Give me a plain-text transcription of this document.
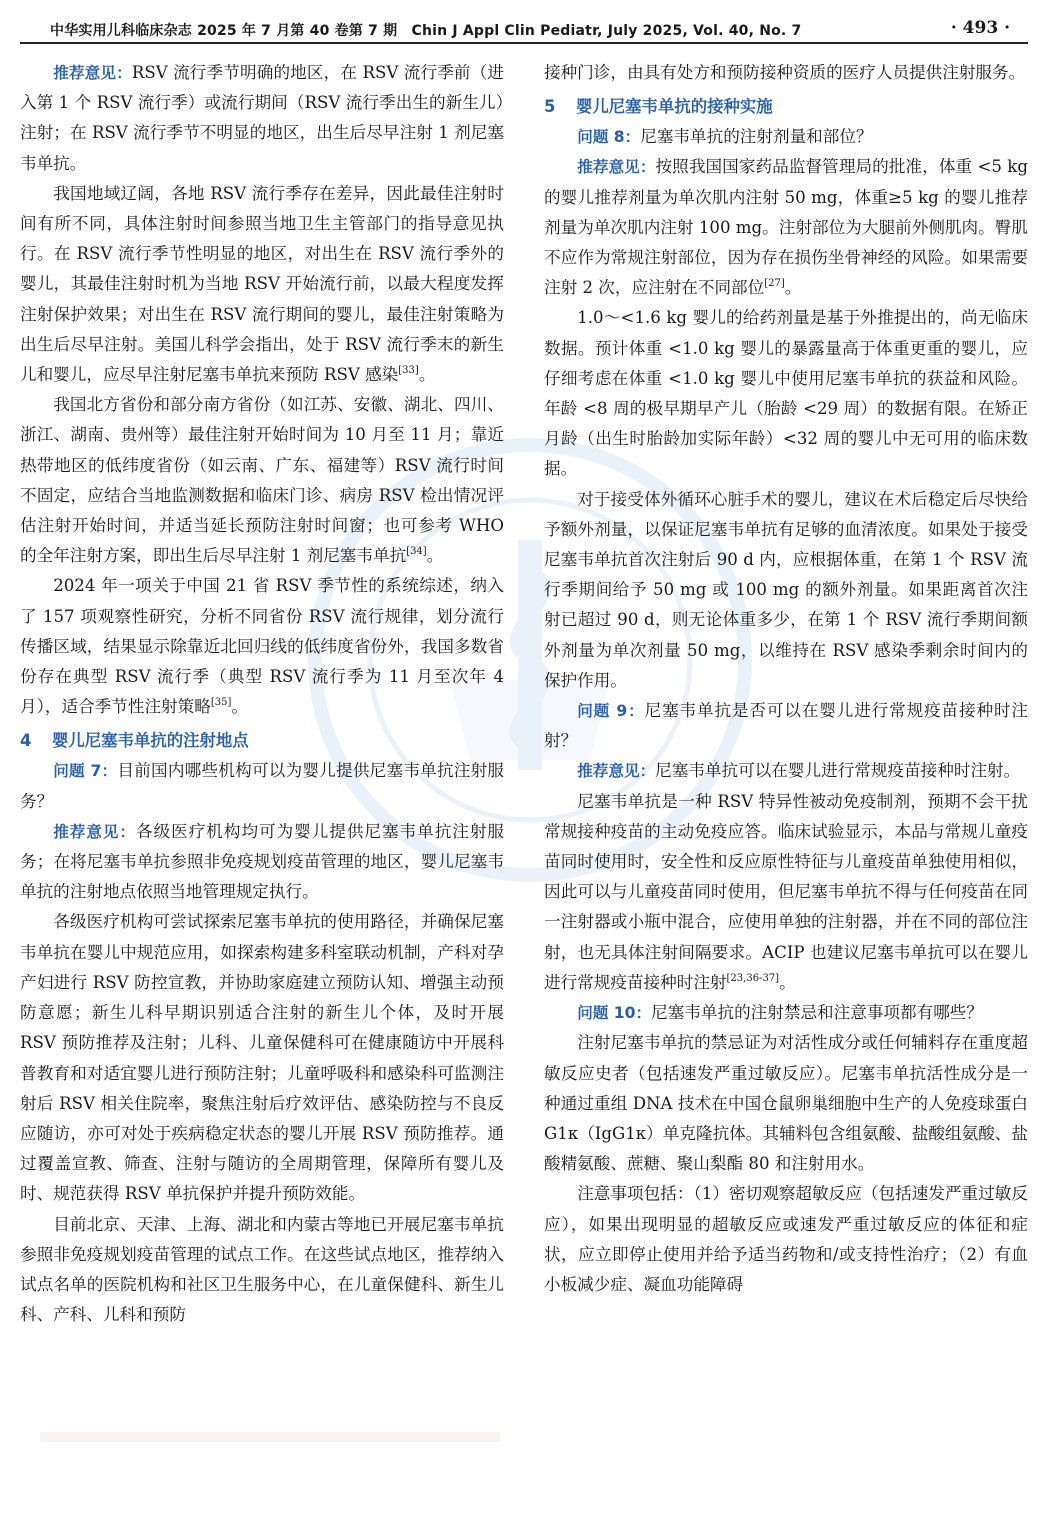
中华实用儿科临床杂志 2025 年 7 月第 40 卷第 7 期　Chin J Appl Clin Pediatr, July 2025, Vol. 40, No. 7	· 493 ·

推荐意见：RSV 流行季节明确的地区，在 RSV 流行季前（进入第 1 个 RSV 流行季）或流行期间（RSV 流行季出生的新生儿）注射；在 RSV 流行季节不明显的地区，出生后尽早注射 1 剂尼塞韦单抗。

我国地域辽阔，各地 RSV 流行季存在差异，因此最佳注射时间有所不同，具体注射时间参照当地卫生主管部门的指导意见执行。在 RSV 流行季节性明显的地区，对出生在 RSV 流行季外的婴儿，其最佳注射时机为当地 RSV 开始流行前，以最大程度发挥注射保护效果；对出生在 RSV 流行期间的婴儿，最佳注射策略为出生后尽早注射。美国儿科学会指出，处于 RSV 流行季末的新生儿和婴儿，应尽早注射尼塞韦单抗来预防 RSV 感染[33]。

我国北方省份和部分南方省份（如江苏、安徽、湖北、四川、浙江、湖南、贵州等）最佳注射开始时间为 10 月至 11 月；靠近热带地区的低纬度省份（如云南、广东、福建等）RSV 流行时间不固定，应结合当地监测数据和临床门诊、病房 RSV 检出情况评估注射开始时间，并适当延长预防注射时间窗；也可参考 WHO 的全年注射方案，即出生后尽早注射 1 剂尼塞韦单抗[34]。

2024 年一项关于中国 21 省 RSV 季节性的系统综述，纳入了 157 项观察性研究，分析不同省份 RSV 流行规律，划分流行传播区域，结果显示除靠近北回归线的低纬度省份外，我国多数省份存在典型 RSV 流行季（典型 RSV 流行季为 11 月至次年 4 月），适合季节性注射策略[35]。

4 婴儿尼塞韦单抗的注射地点

问题 7：目前国内哪些机构可以为婴儿提供尼塞韦单抗注射服务？

推荐意见：各级医疗机构均可为婴儿提供尼塞韦单抗注射服务；在将尼塞韦单抗参照非免疫规划疫苗管理的地区，婴儿尼塞韦单抗的注射地点依照当地管理规定执行。

各级医疗机构可尝试探索尼塞韦单抗的使用路径，并确保尼塞韦单抗在婴儿中规范应用，如探索构建多科室联动机制，产科对孕产妇进行 RSV 防控宣教，并协助家庭建立预防认知、增强主动预防意愿；新生儿科早期识别适合注射的新生儿个体，及时开展 RSV 预防推荐及注射；儿科、儿童保健科可在健康随访中开展科普教育和对适宜婴儿进行预防注射；儿童呼吸科和感染科可监测注射后 RSV 相关住院率，聚焦注射后疗效评估、感染防控与不良反应随访，亦可对处于疾病稳定状态的婴儿开展 RSV 预防推荐。通过覆盖宣教、筛查、注射与随访的全周期管理，保障所有婴儿及时、规范获得 RSV 单抗保护并提升预防效能。

目前北京、天津、上海、湖北和内蒙古等地已开展尼塞韦单抗参照非免疫规划疫苗管理的试点工作。在这些试点地区，推荐纳入试点名单的医院机构和社区卫生服务中心，在儿童保健科、新生儿科、产科、儿科和预防

接种门诊，由具有处方和预防接种资质的医疗人员提供注射服务。

5 婴儿尼塞韦单抗的接种实施

问题 8：尼塞韦单抗的注射剂量和部位？

推荐意见：按照我国国家药品监督管理局的批准，体重 <5 kg 的婴儿推荐剂量为单次肌内注射 50 mg，体重≥5 kg 的婴儿推荐剂量为单次肌内注射 100 mg。注射部位为大腿前外侧肌肉。臀肌不应作为常规注射部位，因为存在损伤坐骨神经的风险。如果需要注射 2 次，应注射在不同部位[27]。

1.0～<1.6 kg 婴儿的给药剂量是基于外推提出的，尚无临床数据。预计体重 <1.0 kg 婴儿的暴露量高于体重更重的婴儿，应仔细考虑在体重 <1.0 kg 婴儿中使用尼塞韦单抗的获益和风险。年龄 <8 周的极早期早产儿（胎龄 <29 周）的数据有限。在矫正月龄（出生时胎龄加实际年龄）<32 周的婴儿中无可用的临床数据。

对于接受体外循环心脏手术的婴儿，建议在术后稳定后尽快给予额外剂量，以保证尼塞韦单抗有足够的血清浓度。如果处于接受尼塞韦单抗首次注射后 90 d 内，应根据体重，在第 1 个 RSV 流行季期间给予 50 mg 或 100 mg 的额外剂量。如果距离首次注射已超过 90 d，则无论体重多少，在第 1 个 RSV 流行季期间额外剂量为单次剂量 50 mg，以维持在 RSV 感染季剩余时间内的保护作用。

问题 9：尼塞韦单抗是否可以在婴儿进行常规疫苗接种时注射？

推荐意见：尼塞韦单抗可以在婴儿进行常规疫苗接种时注射。

尼塞韦单抗是一种 RSV 特异性被动免疫制剂，预期不会干扰常规接种疫苗的主动免疫应答。临床试验显示，本品与常规儿童疫苗同时使用时，安全性和反应原性特征与儿童疫苗单独使用相似，因此可以与儿童疫苗同时使用，但尼塞韦单抗不得与任何疫苗在同一注射器或小瓶中混合，应使用单独的注射器，并在不同的部位注射，也无具体注射间隔要求。ACIP 也建议尼塞韦单抗可以在婴儿进行常规疫苗接种时注射[23,36-37]。

问题 10：尼塞韦单抗的注射禁忌和注意事项都有哪些？

注射尼塞韦单抗的禁忌证为对活性成分或任何辅料存在重度超敏反应史者（包括速发严重过敏反应）。尼塞韦单抗活性成分是一种通过重组 DNA 技术在中国仓鼠卵巢细胞中生产的人免疫球蛋白 G1κ（IgG1κ）单克隆抗体。其辅料包含组氨酸、盐酸组氨酸、盐酸精氨酸、蔗糖、聚山梨酯 80 和注射用水。

注意事项包括：（1）密切观察超敏反应（包括速发严重过敏反应），如果出现明显的超敏反应或速发严重过敏反应的体征和症状，应立即停止使用并给予适当药物和/或支持性治疗；（2）有血小板减少症、凝血功能障碍
